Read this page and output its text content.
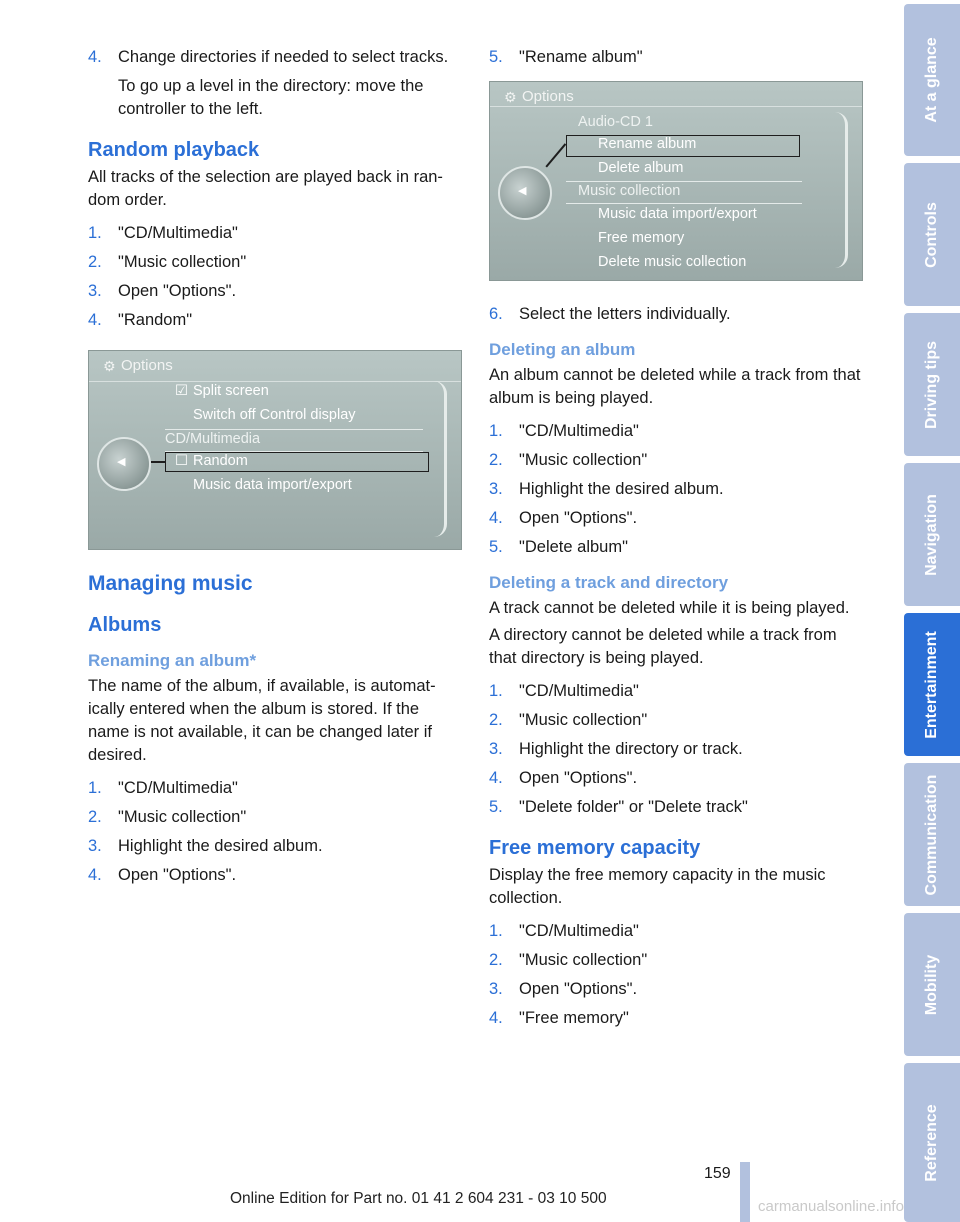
4. Change directories if needed to select tracks.
To go up a level in the directory: move the controller to the left.
Random playback

All tracks of the selection are played back in ran-dom order.

1. "CD/Multimedia"
2. "Music collection"
3. Open "Options".
4. "Random"
⚙ Options
◀
☑ Split screen
Switch off Control display
CD/Multimedia
☐ Random
Music data import/export
Managing music
Albums
Renaming an album*

The name of the album, if available, is automat-ically entered when the album is stored. If the name is not available, it can be changed later if desired.

1. "CD/Multimedia"
2. "Music collection"
3. Highlight the desired album.
4. Open "Options".
5. "Rename album"
⚙ Options
◀
Audio-CD 1
Rename album
Delete album
Music collection
Music data import/export
Free memory
Delete music collection
6. Select the letters individually.
Deleting an album

An album cannot be deleted while a track from that album is being played.

1. "CD/Multimedia"
2. "Music collection"
3. Highlight the desired album.
4. Open "Options".
5. "Delete album"
Deleting a track and directory

A track cannot be deleted while it is being played.

A directory cannot be deleted while a track from that directory is being played.

1. "CD/Multimedia"
2. "Music collection"
3. Highlight the directory or track.
4. Open "Options".
5. "Delete folder" or "Delete track"
Free memory capacity

Display the free memory capacity in the music collection.

1. "CD/Multimedia"
2. "Music collection"
3. Open "Options".
4. "Free memory"
At a glance
Controls
Driving tips
Navigation
Entertainment
Communication
Mobility
Reference
159
Online Edition for Part no. 01 41 2 604 231 - 03 10 500	carmanualsonline.info
